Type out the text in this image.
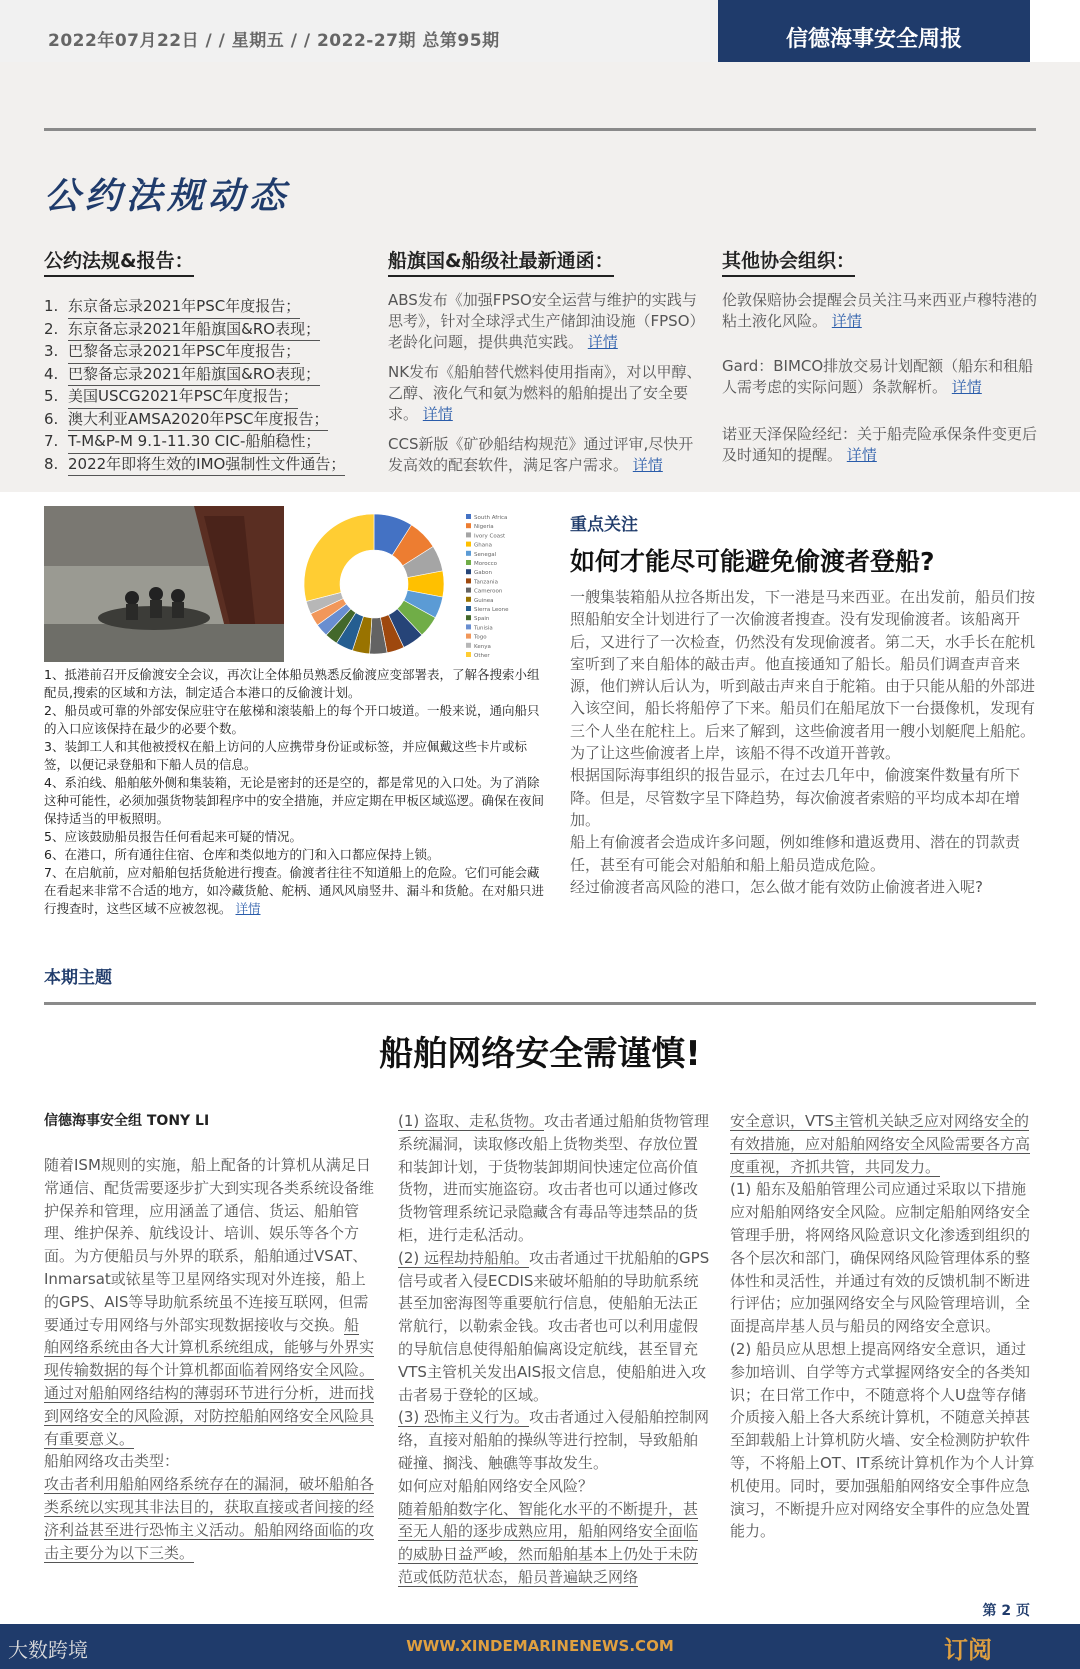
2022年07月22日 / / 星期五 / / 2022-27期 总第95期	信德海事安全周报
公约法规动态
公约法规&报告：	船旗国&船级社最新通函：	其他协会组织：
1. 东京备忘录2021年PSC年度报告；
2. 东京备忘录2021年船旗国&RO表现；
3. 巴黎备忘录2021年PSC年度报告；
4. 巴黎备忘录2021年船旗国&RO表现；
5. 美国USCG2021年PSC年度报告；
6. 澳大利亚AMSA2020年PSC年度报告；
7. T-M&P-M 9.1-11.30 CIC-船舶稳性；
8. 2022年即将生效的IMO强制性文件通告；
ABS发布《加强FPSO安全运营与维护的实践与思考》，针对全球浮式生产储卸油设施（FPSO）老龄化问题，提供典范实践。 详情
NK发布《船舶替代燃料使用指南》，对以甲醇、乙醇、液化气和氨为燃料的船舶提出了安全要求。 详情
CCS新版《矿砂船结构规范》通过评审,尽快开发高效的配套软件，满足客户需求。 详情
伦敦保赔协会提醒会员关注马来西亚卢穆特港的粘土液化风险。 详情
Gard：BIMCO排放交易计划配额（船东和租船人需考虑的实际问题）条款解析。 详情
诺亚天泽保险经纪：关于船壳险承保条件变更后及时通知的提醒。 详情
South Africa
Nigeria
Ivory Coast
Ghana
Senegal
Morocco
Gabon
Tanzania
Cameroon
Guinea
Sierra Leone
Spain
Tunisia
Togo
Kenya
Other
1、抵港前召开反偷渡安全会议，再次让全体船员熟悉反偷渡应变部署表，了解各搜索小组配员,搜索的区域和方法，制定适合本港口的反偷渡计划。
2、船员或可靠的外部安保应驻守在舷梯和滚装船上的每个开口坡道。一般来说，通向船只的入口应该保持在最少的必要个数。
3、装卸工人和其他被授权在船上访问的人应携带身份证或标签，并应佩戴这些卡片或标签，以便记录登船和下船人员的信息。
4、系泊线、船舶舷外侧和集装箱，无论是密封的还是空的，都是常见的入口处。为了消除这种可能性，必须加强货物装卸程序中的安全措施，并应定期在甲板区域巡逻。确保在夜间保持适当的甲板照明。
5、应该鼓励船员报告任何看起来可疑的情况。
6、在港口，所有通往住宿、仓库和类似地方的门和入口都应保持上锁。
7、在启航前，应对船舶包括货舱进行搜查。偷渡者往往不知道船上的危险。它们可能会藏在看起来非常不合适的地方，如冷藏货舱、舵柄、通风风扇竖井、漏斗和货舱。在对船只进行搜查时，这些区域不应被忽视。 详情
重点关注
如何才能尽可能避免偷渡者登船?

一艘集装箱船从拉各斯出发，下一港是马来西亚。在出发前，船员们按照船舶安全计划进行了一次偷渡者搜查。没有发现偷渡者。该船离开后，又进行了一次检查，仍然没有发现偷渡者。第二天，水手长在舵机室听到了来自船体的敲击声。他直接通知了船长。船员们调查声音来源，他们辨认后认为，听到敲击声来自于舵箱。由于只能从船的外部进入该空间，船长将船停了下来。船员们在船尾放下一台摄像机，发现有三个人坐在舵柱上。后来了解到，这些偷渡者用一艘小划艇爬上船舵。为了让这些偷渡者上岸，该船不得不改道开普敦。

根据国际海事组织的报告显示，在过去几年中，偷渡案件数量有所下降。但是，尽管数字呈下降趋势，每次偷渡者索赔的平均成本却在增加。

船上有偷渡者会造成许多问题，例如维修和遣返费用、潜在的罚款责任，甚至有可能会对船舶和船上船员造成危险。

经过偷渡者高风险的港口，怎么做才能有效防止偷渡者进入呢?

本期主题
船舶网络安全需谨慎!
信德海事安全组 TONY LI
随着ISM规则的实施，船上配备的计算机从满足日常通信、配货需要逐步扩大到实现各类系统设备维护保养和管理，应用涵盖了通信、货运、船舶管理、维护保养、航线设计、培训、娱乐等各个方面。为方便船员与外界的联系，船舶通过VSAT、Inmarsat或铱星等卫星网络实现对外连接，船上的GPS、AIS等导助航系统虽不连接互联网，但需要通过专用网络与外部实现数据接收与交换。船舶网络系统由各大计算机系统组成，能够与外界实现传输数据的每个计算机都面临着网络安全风险。通过对船舶网络结构的薄弱环节进行分析，进而找到网络安全的风险源，对防控船舶网络安全风险具有重要意义。
船舶网络攻击类型：
攻击者利用船舶网络系统存在的漏洞，破坏船舶各类系统以实现其非法目的，获取直接或者间接的经济利益甚至进行恐怖主义活动。船舶网络面临的攻击主要分为以下三类。
(1) 盗取、走私货物。攻击者通过船舶货物管理系统漏洞，读取修改船上货物类型、存放位置和装卸计划，于货物装卸期间快速定位高价值货物，进而实施盗窃。攻击者也可以通过修改货物管理系统记录隐藏含有毒品等违禁品的货柜，进行走私活动。
(2) 远程劫持船舶。攻击者通过干扰船舶的GPS信号或者入侵ECDIS来破坏船舶的导助航系统甚至加密海图等重要航行信息，使船舶无法正常航行，以勒索金钱。攻击者也可以利用虚假的导航信息使得船舶偏离设定航线，甚至冒充VTS主管机关发出AIS报文信息，使船舶进入攻击者易于登轮的区域。
(3) 恐怖主义行为。攻击者通过入侵船舶控制网络，直接对船舶的操纵等进行控制，导致船舶碰撞、搁浅、触礁等事故发生。
如何应对船舶网络安全风险？
随着船舶数字化、智能化水平的不断提升，甚至无人船的逐步成熟应用，船舶网络安全面临的威胁日益严峻，然而船舶基本上仍处于未防范或低防范状态，船员普遍缺乏网络
安全意识，VTS主管机关缺乏应对网络安全的有效措施，应对船舶网络安全风险需要各方高度重视，齐抓共管，共同发力。
(1) 船东及船舶管理公司应通过采取以下措施应对船舶网络安全风险。应制定船舶网络安全管理手册，将网络风险意识文化渗透到组织的各个层次和部门，确保网络风险管理体系的整体性和灵活性，并通过有效的反馈机制不断进行评估；应加强网络安全与风险管理培训，全面提高岸基人员与船员的网络安全意识。
(2) 船员应从思想上提高网络安全意识，通过参加培训、自学等方式掌握网络安全的各类知识；在日常工作中，不随意将个人U盘等存储介质接入船上各大系统计算机，不随意关掉甚至卸载船上计算机防火墙、安全检测防护软件等，不将船上OT、IT系统计算机作为个人计算机使用。同时，要加强船舶网络安全事件应急演习，不断提升应对网络安全事件的应急处置能力。
第 2 页
WWW.XINDEMARINENEWS.COM	订阅
大数跨境
